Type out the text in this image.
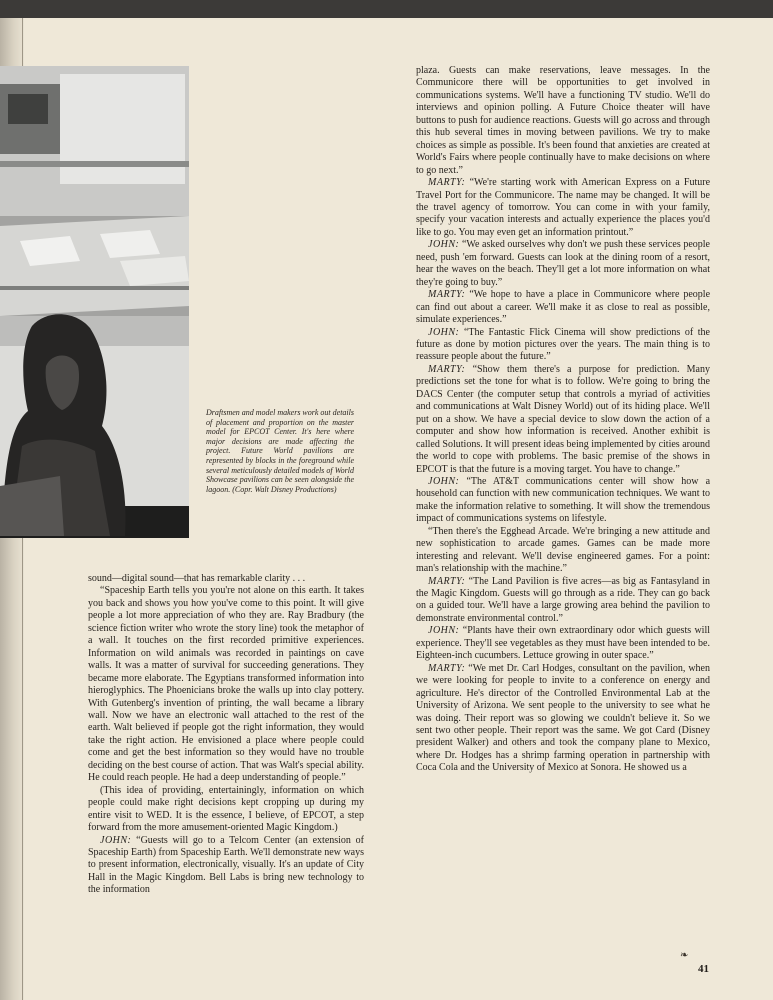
Draftsmen and model makers work out details of placement and proportion on the master model for EPCOT Center. It's here where major decisions are made affecting the project. Future World pavilions are represented by blocks in the foreground while several meticulously detailed models of World Showcase pavilions can be seen alongside the lagoon. (Copr. Walt Disney Productions)

sound—digital sound—that has remarkable clarity . . .

“Spaceship Earth tells you you're not alone on this earth. It takes you back and shows you how you've come to this point. It will give people a lot more appreciation of who they are. Ray Bradbury (the science fiction writer who wrote the story line) took the metaphor of a wall. It touches on the first recorded primitive experiences. Information on wild animals was recorded in paintings on cave walls. It was a matter of survival for succeeding generations. They became more elaborate. The Egyptians transformed information into hieroglyphics. The Phoenicians broke the walls up into clay pottery. With Gutenberg's invention of printing, the wall became a library wall. Now we have an electronic wall attached to the rest of the earth. Walt believed if people got the right information, they would take the right action. He envisioned a place where people could come and get the best information so they would have no trouble deciding on the best course of action. That was Walt's special ability. He could reach people. He had a deep understanding of people.”

(This idea of providing, entertainingly, information on which people could make right decisions kept cropping up during my entire visit to WED. It is the essence, I believe, of EPCOT, a step forward from the more amusement-oriented Magic Kingdom.)

JOHN: “Guests will go to a Telcom Center (an extension of Spaceship Earth) from Spaceship Earth. We'll demonstrate new ways to present information, electronically, visually. It's an update of City Hall in the Magic Kingdom. Bell Labs is bring new technology to the information

plaza. Guests can make reservations, leave messages. In the Communicore there will be opportunities to get involved in communications systems. We'll have a functioning TV studio. We'll do interviews and opinion polling. A Future Choice theater will have buttons to push for audience reactions. Guests will go across and through this hub several times in moving between pavilions. We try to make choices as simple as possible. It's been found that anxieties are created at World's Fairs where people continually have to make decisions on where to go next.”

MARTY: “We're starting work with American Express on a Future Travel Port for the Communicore. The name may be changed. It will be the travel agency of tomorrow. You can come in with your family, specify your vacation interests and actually experience the places you'd like to go. You may even get an information printout.”

JOHN: “We asked ourselves why don't we push these services people need, push 'em forward. Guests can look at the dining room of a resort, hear the waves on the beach. They'll get a lot more information on what they're going to buy.”

MARTY: “We hope to have a place in Communicore where people can find out about a career. We'll make it as close to real as possible, simulate experiences.”

JOHN: “The Fantastic Flick Cinema will show predictions of the future as done by motion pictures over the years. The main thing is to reassure people about the future.”

MARTY: “Show them there's a purpose for prediction. Many predictions set the tone for what is to follow. We're going to bring the DACS Center (the computer setup that controls a myriad of activities and communications at Walt Disney World) out of its hiding place. We'll put on a show. We have a special device to slow down the action of a computer and show how information is received. Another exhibit is called Solutions. It will present ideas being implemented by cities around the world to cope with problems. The basic premise of the shows in EPCOT is that the future is a moving target. You have to change.”

JOHN: “The AT&T communications center will show how a household can function with new communication techniques. We want to make the information relative to something. It will show the tremendous impact of communications systems on lifestyle.

“Then there's the Egghead Arcade. We're bringing a new attitude and new sophistication to arcade games. Games can be made more interesting and relevant. We'll devise engineered games. For a point: man's relationship with the machine.”

MARTY: “The Land Pavilion is five acres—as big as Fantasyland in the Magic Kingdom. Guests will go through as a ride. They can go back on a guided tour. We'll have a large growing area behind the pavilion to demonstrate environmental control.”

JOHN: “Plants have their own extraordinary odor which guests will experience. They'll see vegetables as they must have been intended to be. Eighteen-inch cucumbers. Lettuce growing in outer space.”

MARTY: “We met Dr. Carl Hodges, consultant on the pavilion, when we were looking for people to invite to a conference on energy and agriculture. He's director of the Controlled Environmental Lab at the University of Arizona. We sent people to the university to see what he was doing. Their report was so glowing we couldn't believe it. So we sent two other people. Their report was the same. We got Card (Disney president Walker) and others and took the company plane to Mexico, where Dr. Hodges has a shrimp farming operation in partnership with Coca Cola and the University of Mexico at Sonora. He showed us a

❧
41
